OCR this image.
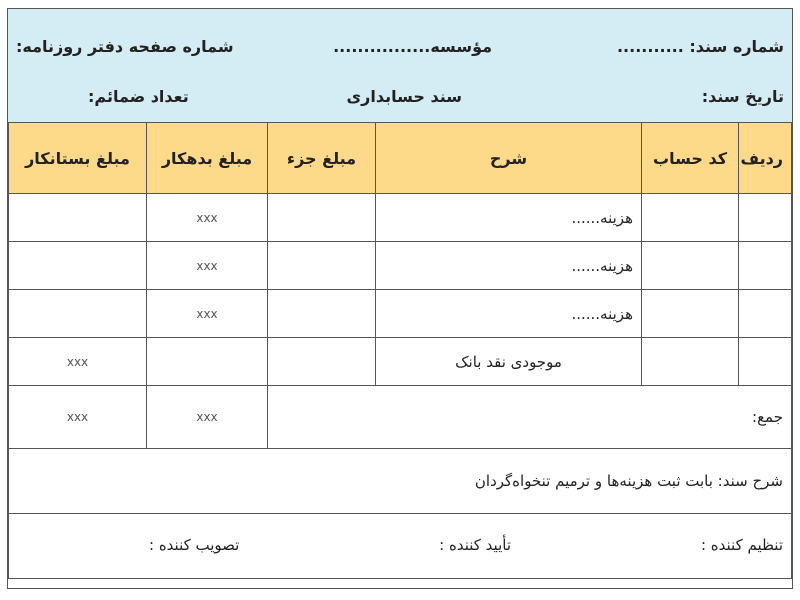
شماره سند: ...........
مؤسسه................
شماره صفحه دفتر روزنامه:
تاریخ سند:
سند حسابداری
تعداد ضمائم:
ردیف	کد حساب	شرح	مبلغ جزء	مبلغ بدهکار	مبلغ بستانکار
		هزینه......		xxx	
		هزینه......		xxx	
		هزینه......		xxx	
		موجودی نقد بانک			xxx
جمع:				xxx	xxx
شرح سند: بابت ثبت هزینه‌ها و ترمیم تنخواه‌گردان					

تنظیم کننده :
تأیید کننده :
تصویب کننده :					
